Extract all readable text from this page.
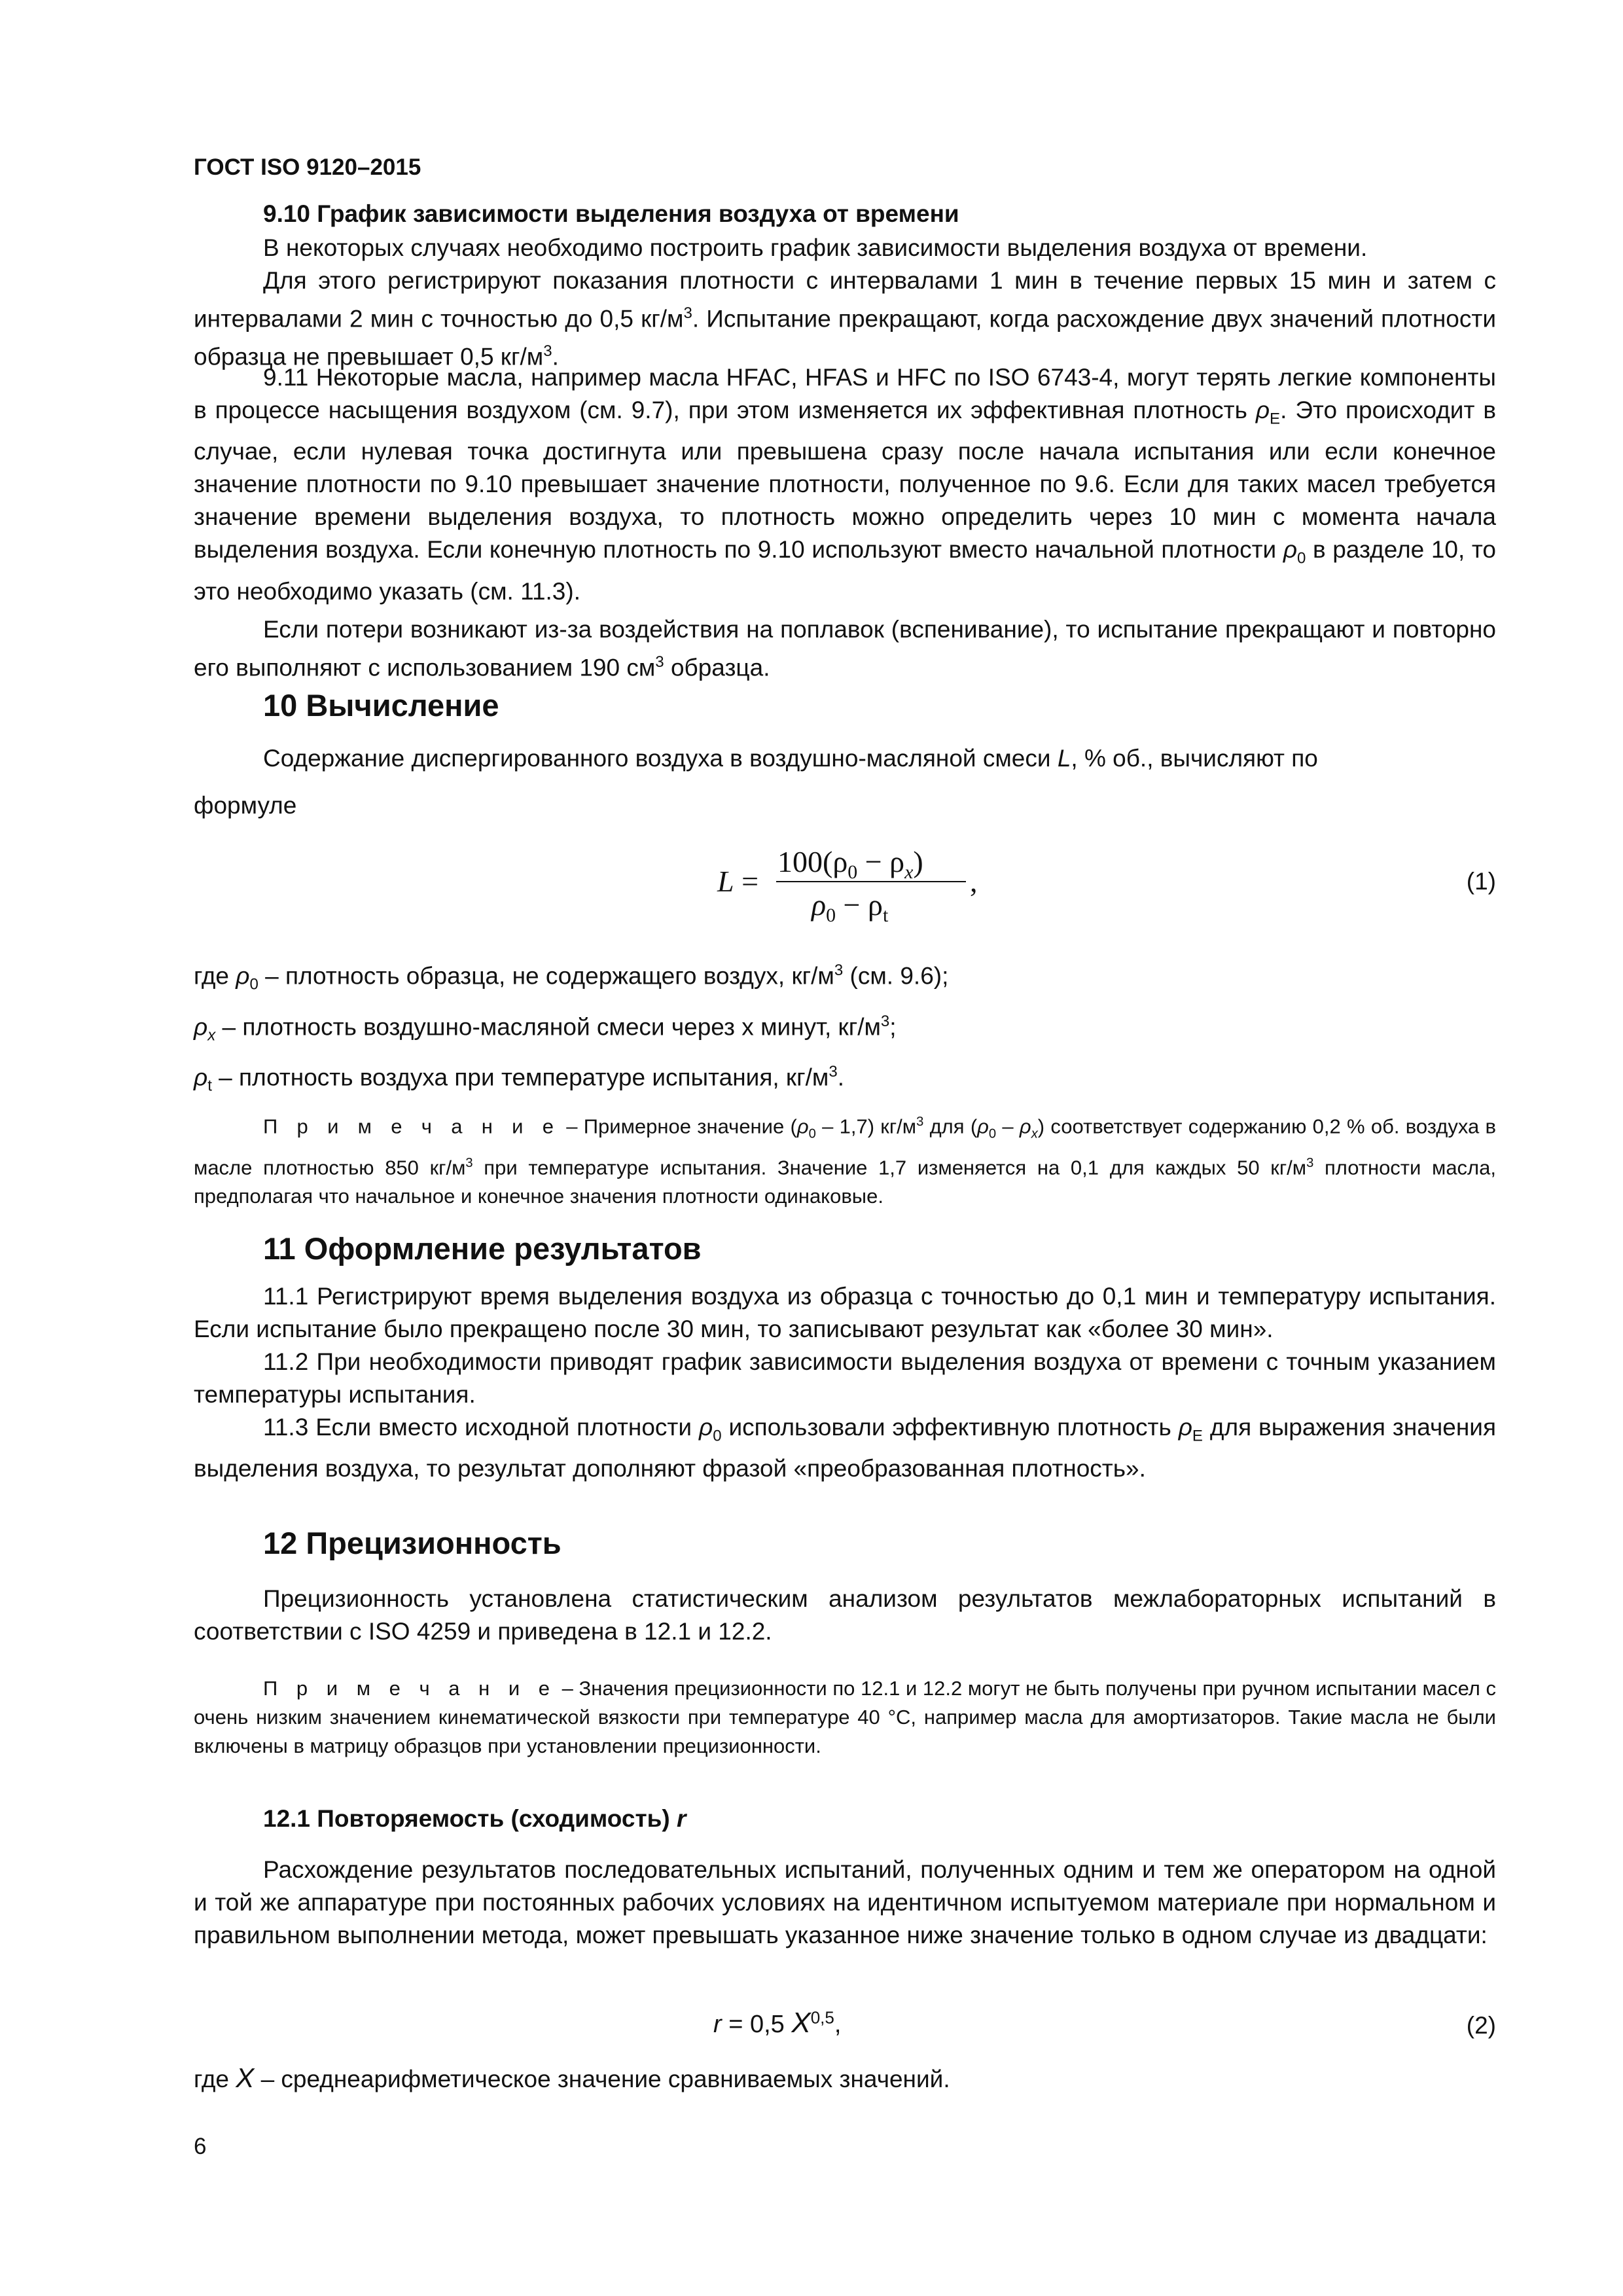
ГОСТ ISO 9120–2015
9.10 График зависимости выделения воздуха от времени

В некоторых случаях необходимо построить график зависимости выделения воздуха от времени.

Для этого регистрируют показания плотности с интервалами 1 мин в течение первых 15 мин и затем с интервалами 2 мин с точностью до 0,5 $кг/м^3$. Испытание прекращают, когда расхождение двух значений плотности образца не превышает 0,5 $кг/м^3$.

9.11 Некоторые масла, например масла HFAC, HFAS и HFC по ISO 6743-4, могут терять легкие компоненты в процессе насыщения воздухом (см. 9.7), при этом изменяется их эффективная плотность $\rho_E$. Это происходит в случае, если нулевая точка достигнута или превышена сразу после начала испытания или если конечное значение плотности по 9.10 превышает значение плотности, полученное по 9.6. Если для таких масел требуется значение времени выделения воздуха, то плотность можно определить через 10 мин с момента начала выделения воздуха. Если конечную плотность по 9.10 используют вместо начальной плотности $\rho_0$ в разделе 10, то это необходимо указать (см. 11.3).

Если потери возникают из-за воздействия на поплавок (вспенивание), то испытание прекращают и повторно его выполняют с использованием 190 $см^3$ образца.

10 Вычисление

Содержание диспергированного воздуха в воздушно-масляной смеси L, % об., вычисляют по

формуле

L =
$100(\rho_0 - \rho_x)$
$\rho_0 - \rho_t$
,	(1)

где $\rho_0$ – плотность образца, не содержащего воздух, $кг/м^3$ (см. 9.6);

$\rho_x$ – плотность воздушно-масляной смеси через х минут, $кг/м^3$;

$\rho_t$ – плотность воздуха при температуре испытания, $кг/м^3$.

П р и м е ч а н и е – Примерное значение $(\rho_0 - 1,7)$ $кг/м^3$ для $(\rho_0 - \rho_x)$ соответствует содержанию 0,2 % об. воздуха в масле плотностью 850 $кг/м^3$ при температуре испытания. Значение 1,7 изменяется на 0,1 для каждых 50 $кг/м^3$ плотности масла, предполагая что начальное и конечное значения плотности одинаковые.

11 Оформление результатов

11.1 Регистрируют время выделения воздуха из образца с точностью до 0,1 мин и температуру испытания. Если испытание было прекращено после 30 мин, то записывают результат как «более 30 мин».

11.2 При необходимости приводят график зависимости выделения воздуха от времени с точным указанием температуры испытания.

11.3 Если вместо исходной плотности $\rho_0$ использовали эффективную плотность $\rho_E$ для выражения значения выделения воздуха, то результат дополняют фразой «преобразованная плотность».

12 Прецизионность

Прецизионность установлена статистическим анализом результатов межлабораторных испытаний в соответствии с ISO 4259 и приведена в 12.1 и 12.2.

П р и м е ч а н и е – Значения прецизионности по 12.1 и 12.2 могут не быть получены при ручном испытании масел с очень низким значением кинематической вязкости при температуре 40 °С, например масла для амортизаторов. Такие масла не были включены в матрицу образцов при установлении прецизионности.

12.1 Повторяемость (сходимость) r

Расхождение результатов последовательных испытаний, полученных одним и тем же оператором на одной и той же аппаратуре при постоянных рабочих условиях на идентичном испытуемом материале при нормальном и правильном выполнении метода, может превышать указанное ниже значение только в одном случае из двадцати:

r = 0,5 X$^{0,5}$,	(2)

где X – среднеарифметическое значение сравниваемых значений.

6
